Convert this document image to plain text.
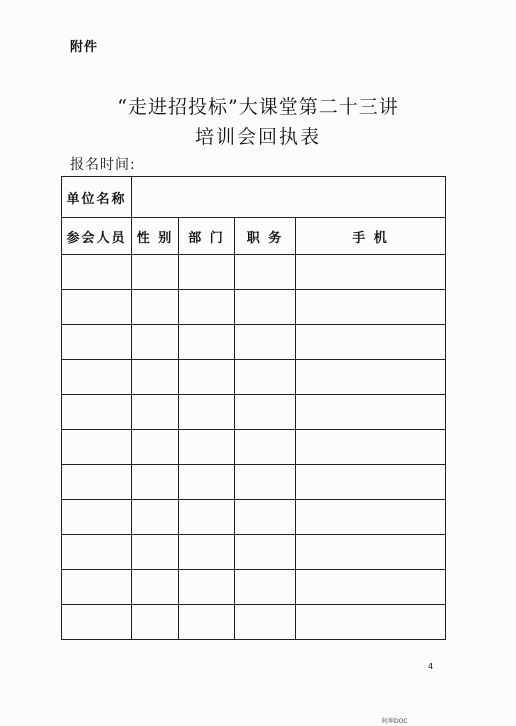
附件
“走进招投标”大课堂第二十三讲
培训会回执表
报名时间:
单位名称				
参会人员	性 别	部 门	职 务	手 机

4
阿坤DOC
